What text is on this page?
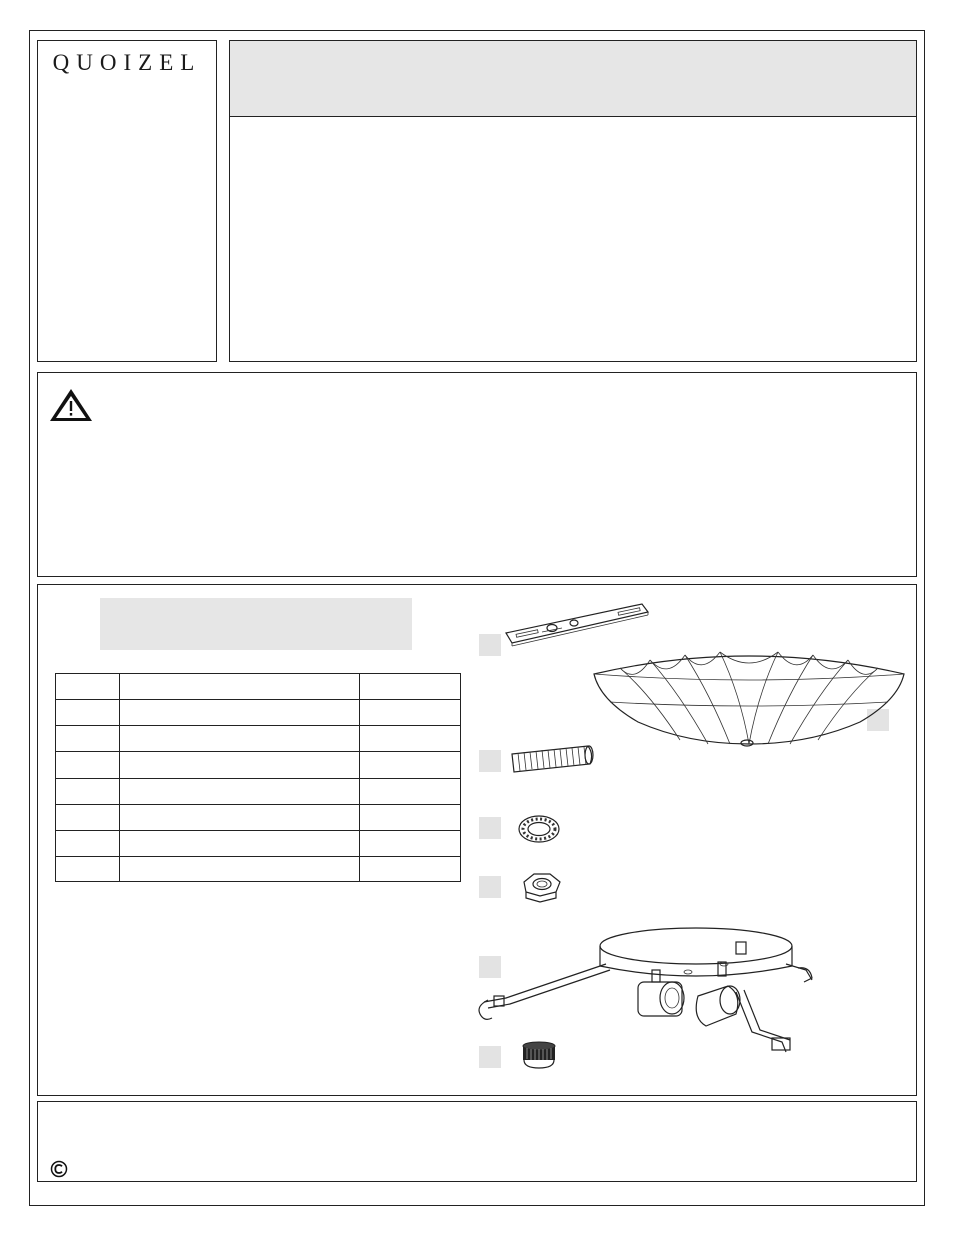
QUOIZEL
